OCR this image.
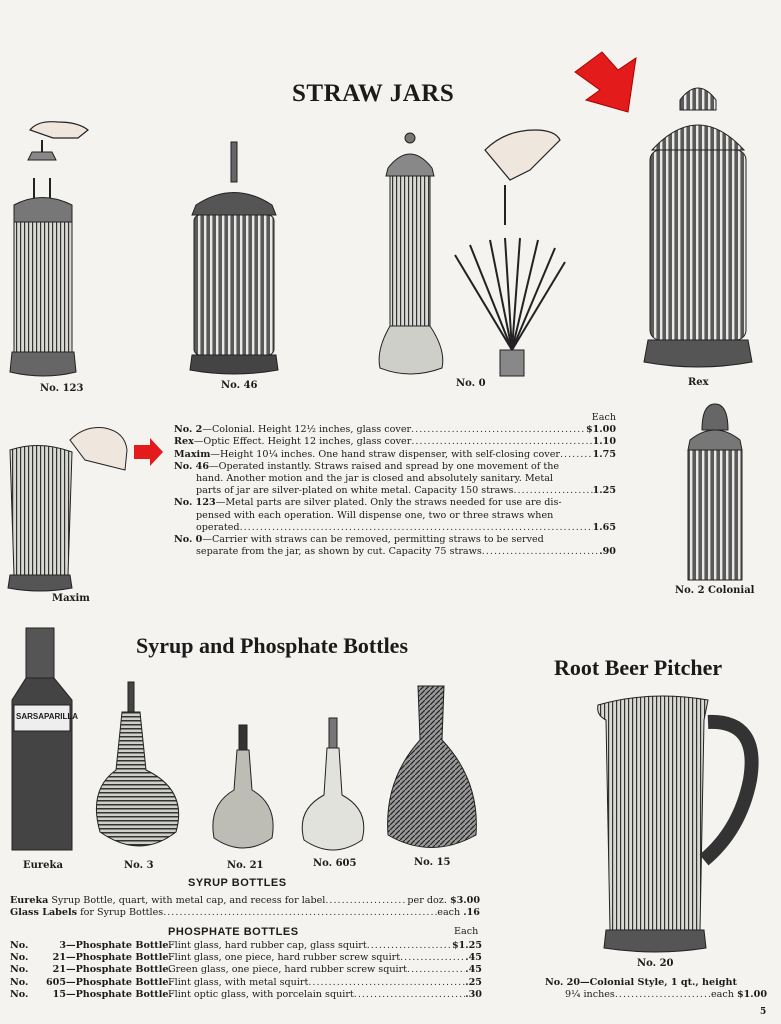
STRAW JARS
No. 123	No. 46	No. 0	Rex
Maxim
No. 2 Colonial
Each
No. 2—Colonial. Height 12½ inches, glass cover .....	$1.00
Rex—Optic Effect. Height 12 inches, glass cover .....	1.10
Maxim—Height 10¼ inches. One hand straw dispenser, with self-closing cover .....	1.75
No. 46—Operated instantly. Straws raised and spread by one movement of the
hand. Another motion and the jar is closed and absolutely sanitary. Metal
parts of jar are silver-plated on white metal. Capacity 150 straws .....	1.25
No. 123—Metal parts are silver plated. Only the straws needed for use are dis-
pensed with each operation. Will dispense one, two or three straws when
operated .....	1.65
No. 0—Carrier with straws can be removed, permitting straws to be served
separate from the jar, as shown by cut. Capacity 75 straws .....	.90
Syrup and Phosphate Bottles
SARSAPARILLA
Eureka	No. 3	No. 21	No. 605	No. 15
SYRUP BOTTLES
Eureka Syrup Bottle, quart, with metal cap, and recess for label .....	per doz.
$3.00
Glass Labels for Syrup Bottles .....	each
.16
PHOSPHATE BOTTLES	Each
No.	3 —Phosphate Bottle.
Flint glass, hard rubber cap, glass squirt .....	$1.25
No.	21 —Phosphate Bottle.
Flint glass, one piece, hard rubber screw squirt .....	.45
No.	21 —Phosphate Bottle.
Green glass, one piece, hard rubber screw squirt .....	.45
No.	605 —Phosphate Bottle.
Flint glass, with metal squirt .....	.25
No.	15 —Phosphate Bottle.
Flint optic glass, with porcelain squirt .....	.30
Root Beer Pitcher
No. 20
No. 20—Colonial Style, 1 qt., height
9¼ inches .....	each
$1.00
5
